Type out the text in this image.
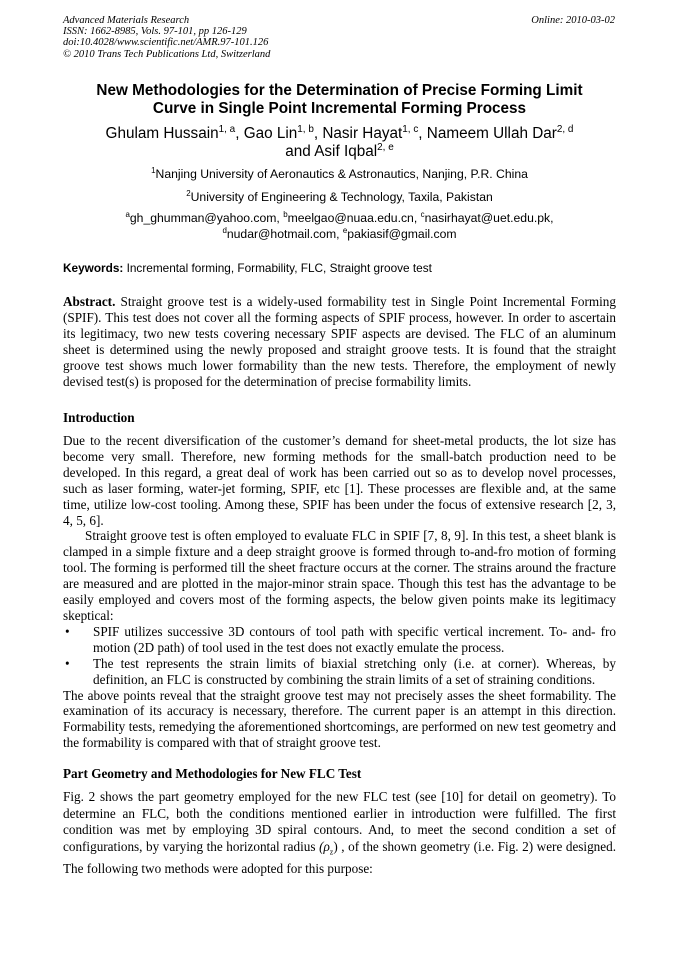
Advanced Materials Research
ISSN: 1662-8985, Vols. 97-101, pp 126-129
doi:10.4028/www.scientific.net/AMR.97-101.126
© 2010 Trans Tech Publications Ltd, Switzerland
Online: 2010-03-02
New Methodologies for the Determination of Precise Forming Limit
Curve in Single Point Incremental Forming Process
Ghulam Hussain$^{1, a}$, Gao Lin$^{1, b}$, Nasir Hayat$^{1, c}$, Nameem Ullah Dar$^{2, d}$
and Asif Iqbal$^{2, e}$
$^1$Nanjing University of Aeronautics & Astronautics, Nanjing, P.R. China
$^2$University of Engineering & Technology, Taxila, Pakistan
$^a$gh_ghumman@yahoo.com, $^b$meelgao@nuaa.edu.cn, $^c$nasirhayat@uet.edu.pk,
$^d$nudar@hotmail.com, $^e$pakiasif@gmail.com
Keywords: Incremental forming, Formability, FLC, Straight groove test
Abstract. Straight groove test is a widely-used formability test in Single Point Incremental Forming (SPIF). This test does not cover all the forming aspects of SPIF process, however. In order to ascertain its legitimacy, two new tests covering necessary SPIF aspects are devised. The FLC of an aluminum sheet is determined using the newly proposed and straight groove tests. It is found that the straight groove test shows much lower formability than the new tests. Therefore, the employment of newly devised test(s) is proposed for the determination of precise formability limits.
Introduction

Due to the recent diversification of the customer’s demand for sheet-metal products, the lot size has become very small. Therefore, new forming methods for the small-batch production need to be developed. In this regard, a great deal of work has been carried out so as to develop novel processes, such as laser forming, water-jet forming, SPIF, etc [1]. These processes are flexible and, at the same time, utilize low-cost tooling. Among these, SPIF has been under the focus of extensive research [2, 3, 4, 5, 6].

Straight groove test is often employed to evaluate FLC in SPIF [7, 8, 9]. In this test, a sheet blank is clamped in a simple fixture and a deep straight groove is formed through to-and-fro motion of forming tool. The forming is performed till the sheet fracture occurs at the corner. The strains around the fracture are measured and are plotted in the major-minor strain space. Though this test has the advantage to be easily employed and covers most of the forming aspects, the below given points make its legitimacy skeptical:

• SPIF utilizes successive 3D contours of tool path with specific vertical increment. To- and- fro motion (2D path) of tool used in the test does not exactly emulate the process.
• The test represents the strain limits of biaxial stretching only (i.e. at corner). Whereas, by definition, an FLC is constructed by combining the strain limits of a set of straining conditions.

The above points reveal that the straight groove test may not precisely asses the sheet formability. The examination of its accuracy is necessary, therefore. The current paper is an attempt in this direction. Formability tests, remedying the aforementioned shortcomings, are performed on new test geometry and the formability is compared with that of straight groove test.

Part Geometry and Methodologies for New FLC Test

Fig. 2 shows the part geometry employed for the new FLC test (see [10] for detail on geometry). To determine an FLC, both the conditions mentioned earlier in introduction were fulfilled. The first condition was met by employing 3D spiral contours. And, to meet the second condition a set of configurations, by varying the horizontal radius $(\rho_z)$ , of the shown geometry (i.e. Fig. 2) were designed. The following two methods were adopted for this purpose:
